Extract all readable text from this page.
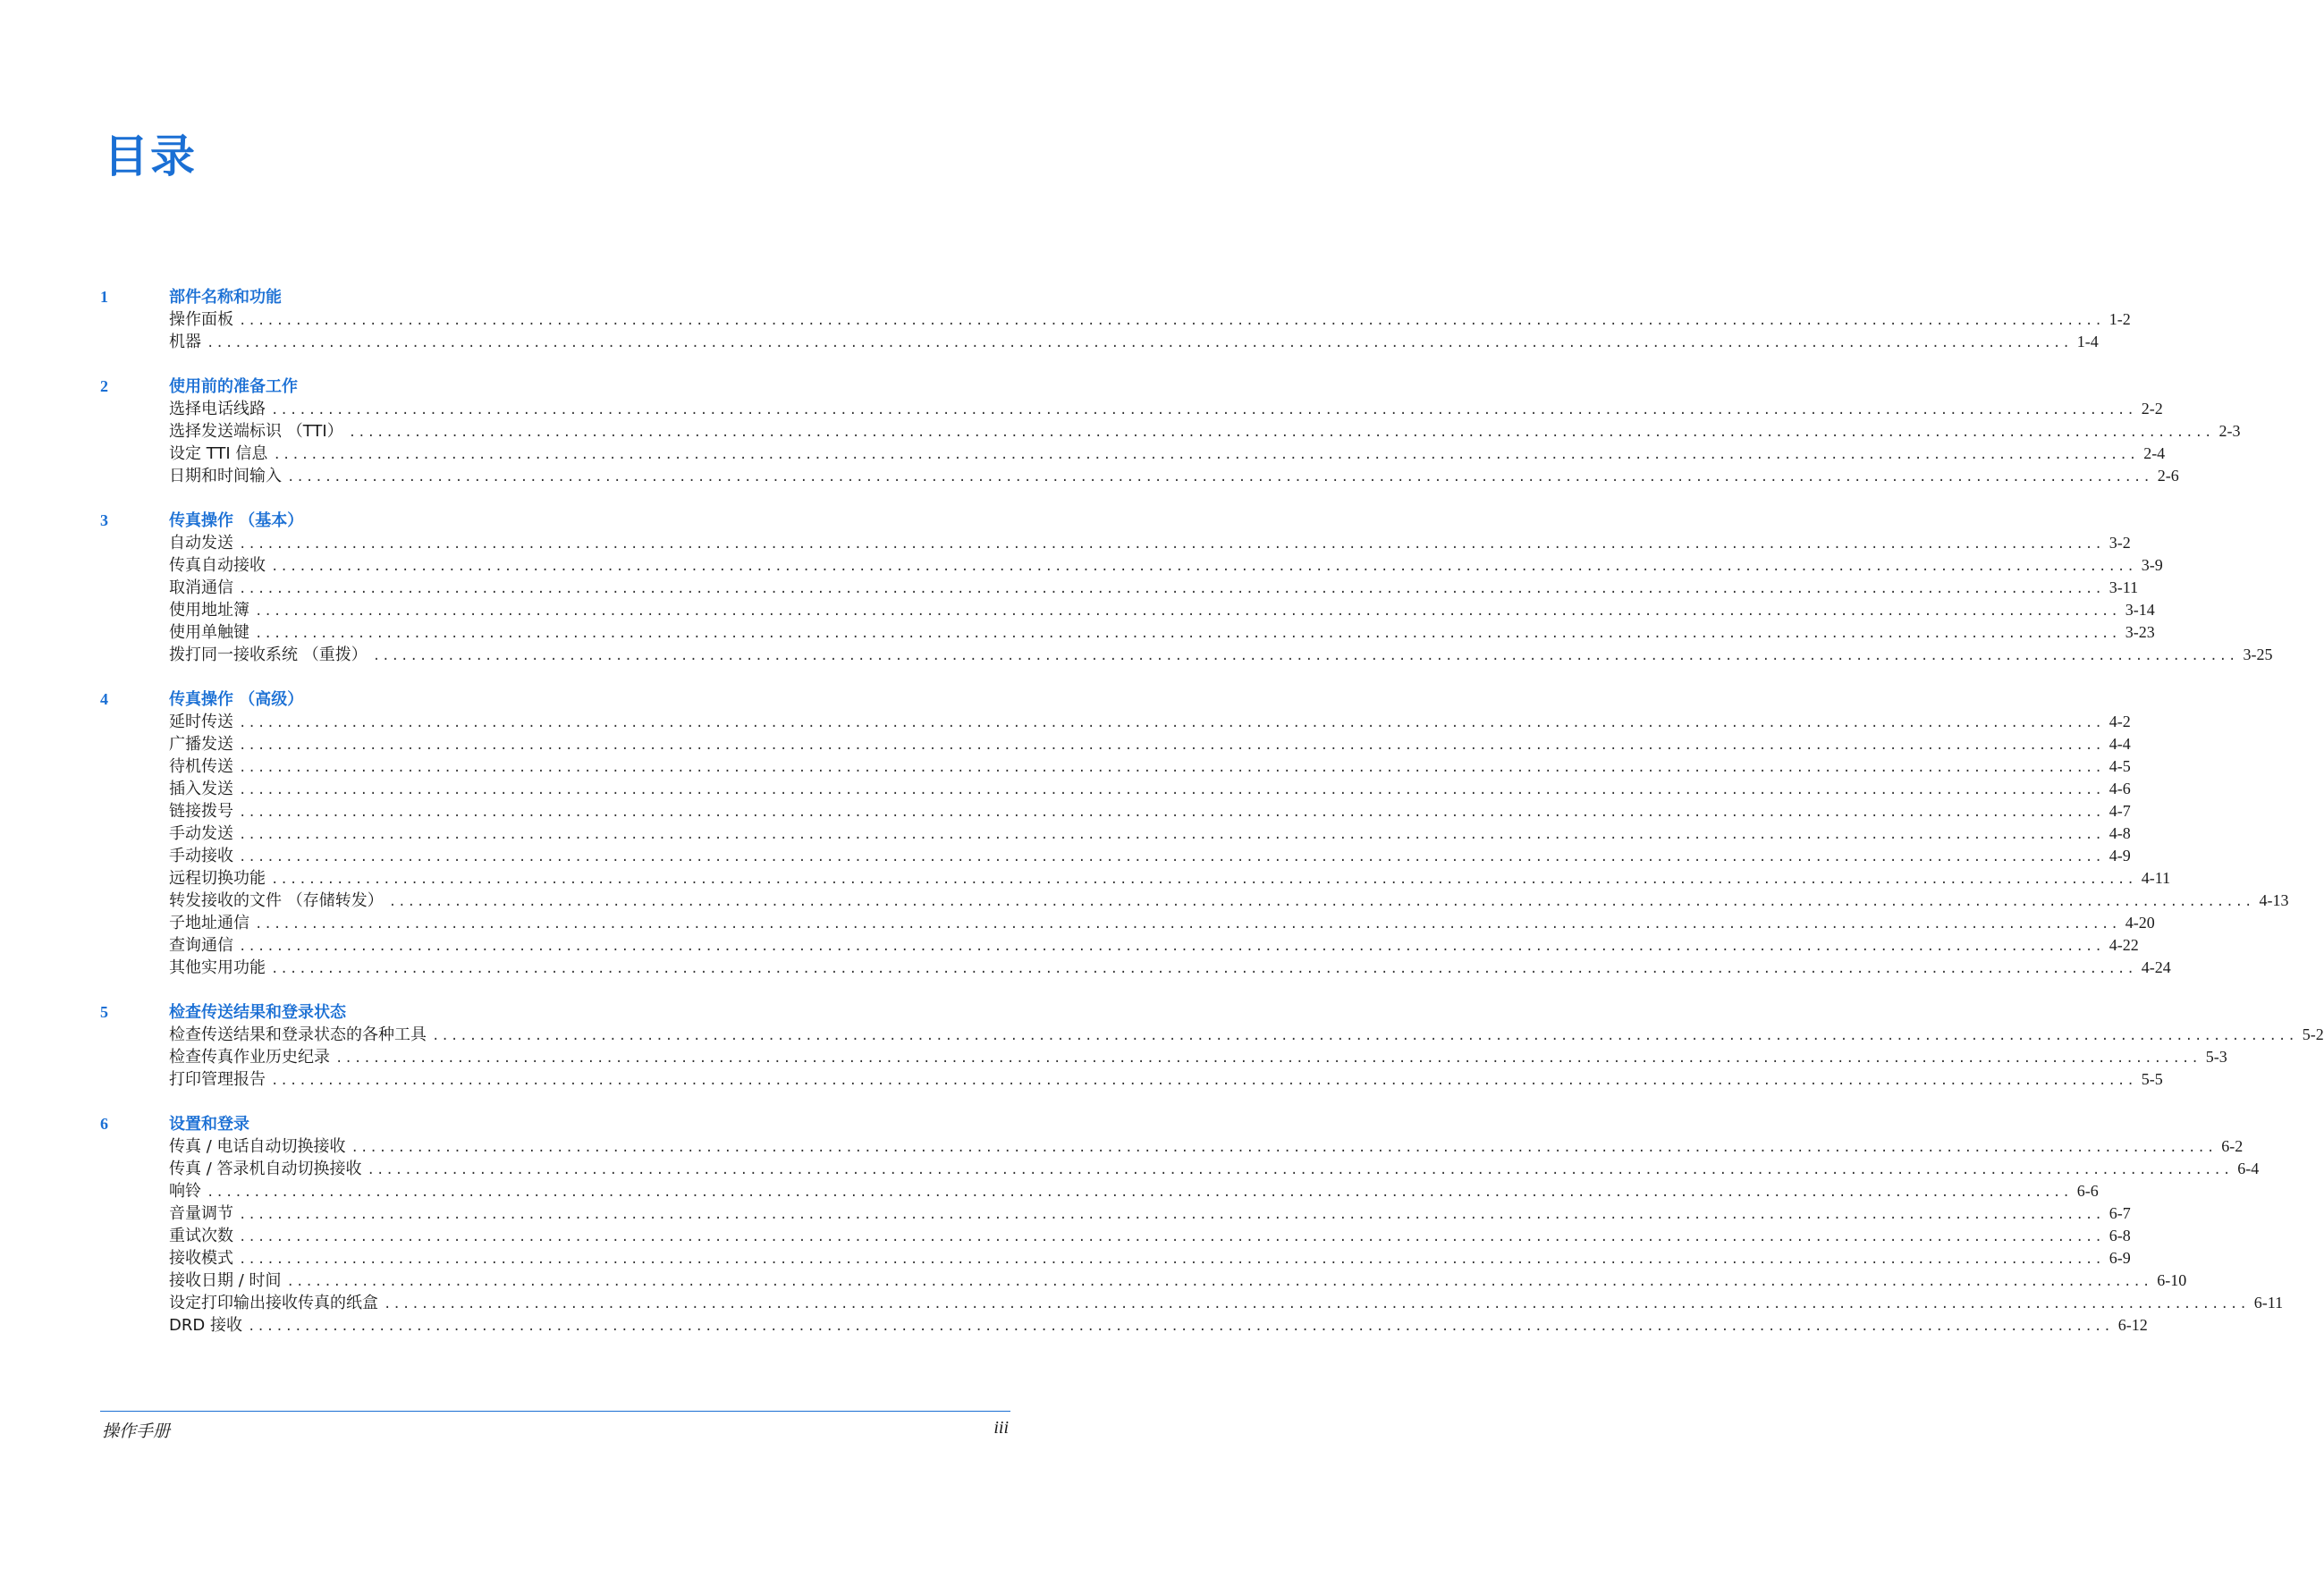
目录
1	部件名称和功能
操作面板 ........................................................................................................................................................................................................ 1-2
机器 ........................................................................................................................................................................................................ 1-4
2	使用前的准备工作
选择电话线路 ........................................................................................................................................................................................................ 2-2
选择发送端标识 （TTI） ........................................................................................................................................................................................................ 2-3
设定 TTI 信息 ........................................................................................................................................................................................................ 2-4
日期和时间输入 ........................................................................................................................................................................................................ 2-6
3	传真操作 （基本）
自动发送 ........................................................................................................................................................................................................ 3-2
传真自动接收 ........................................................................................................................................................................................................ 3-9
取消通信 ........................................................................................................................................................................................................ 3-11
使用地址簿 ........................................................................................................................................................................................................ 3-14
使用单触键 ........................................................................................................................................................................................................ 3-23
拨打同一接收系统 （重拨） ........................................................................................................................................................................................................ 3-25
4	传真操作 （高级）
延时传送 ........................................................................................................................................................................................................ 4-2
广播发送 ........................................................................................................................................................................................................ 4-4
待机传送 ........................................................................................................................................................................................................ 4-5
插入发送 ........................................................................................................................................................................................................ 4-6
链接拨号 ........................................................................................................................................................................................................ 4-7
手动发送 ........................................................................................................................................................................................................ 4-8
手动接收 ........................................................................................................................................................................................................ 4-9
远程切换功能 ........................................................................................................................................................................................................ 4-11
转发接收的文件 （存储转发） ........................................................................................................................................................................................................ 4-13
子地址通信 ........................................................................................................................................................................................................ 4-20
查询通信 ........................................................................................................................................................................................................ 4-22
其他实用功能 ........................................................................................................................................................................................................ 4-24
5	检查传送结果和登录状态
检查传送结果和登录状态的各种工具 ........................................................................................................................................................................................................ 5-2
检查传真作业历史纪录 ........................................................................................................................................................................................................ 5-3
打印管理报告 ........................................................................................................................................................................................................ 5-5
6	设置和登录
传真 / 电话自动切换接收 ........................................................................................................................................................................................................ 6-2
传真 / 答录机自动切换接收 ........................................................................................................................................................................................................ 6-4
响铃 ........................................................................................................................................................................................................ 6-6
音量调节 ........................................................................................................................................................................................................ 6-7
重试次数 ........................................................................................................................................................................................................ 6-8
接收模式 ........................................................................................................................................................................................................ 6-9
接收日期 / 时间 ........................................................................................................................................................................................................ 6-10
设定打印输出接收传真的纸盒 ........................................................................................................................................................................................................ 6-11
DRD 接收 ........................................................................................................................................................................................................ 6-12
操作手册	iii
